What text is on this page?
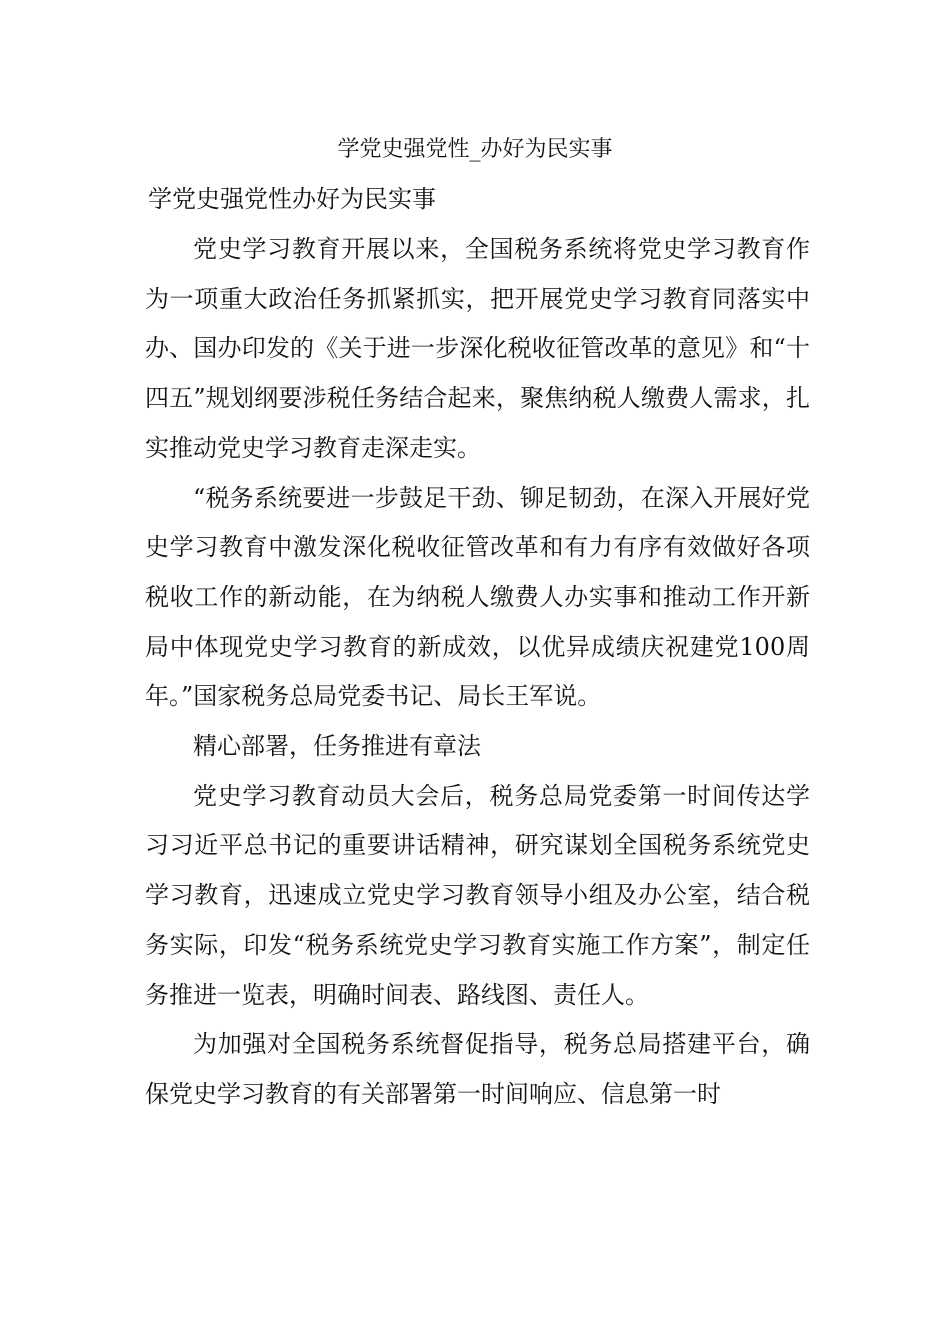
学党史强党性_办好为民实事
学党史强党性办好为民实事

党史学习教育开展以来，全国税务系统将党史学习教育作为一项重大政治任务抓紧抓实，把开展党史学习教育同落实中办、国办印发的《关于进一步深化税收征管改革的意见》和“十四五”规划纲要涉税任务结合起来，聚焦纳税人缴费人需求，扎实推动党史学习教育走深走实。

“税务系统要进一步鼓足干劲、铆足韧劲，在深入开展好党史学习教育中激发深化税收征管改革和有力有序有效做好各项税收工作的新动能，在为纳税人缴费人办实事和推动工作开新局中体现党史学习教育的新成效，以优异成绩庆祝建党100周年。”国家税务总局党委书记、局长王军说。

精心部署，任务推进有章法

党史学习教育动员大会后，税务总局党委第一时间传达学习习近平总书记的重要讲话精神，研究谋划全国税务系统党史学习教育，迅速成立党史学习教育领导小组及办公室，结合税务实际，印发“税务系统党史学习教育实施工作方案”，制定任务推进一览表，明确时间表、路线图、责任人。

为加强对全国税务系统督促指导，税务总局搭建平台，确保党史学习教育的有关部署第一时间响应、信息第一时
